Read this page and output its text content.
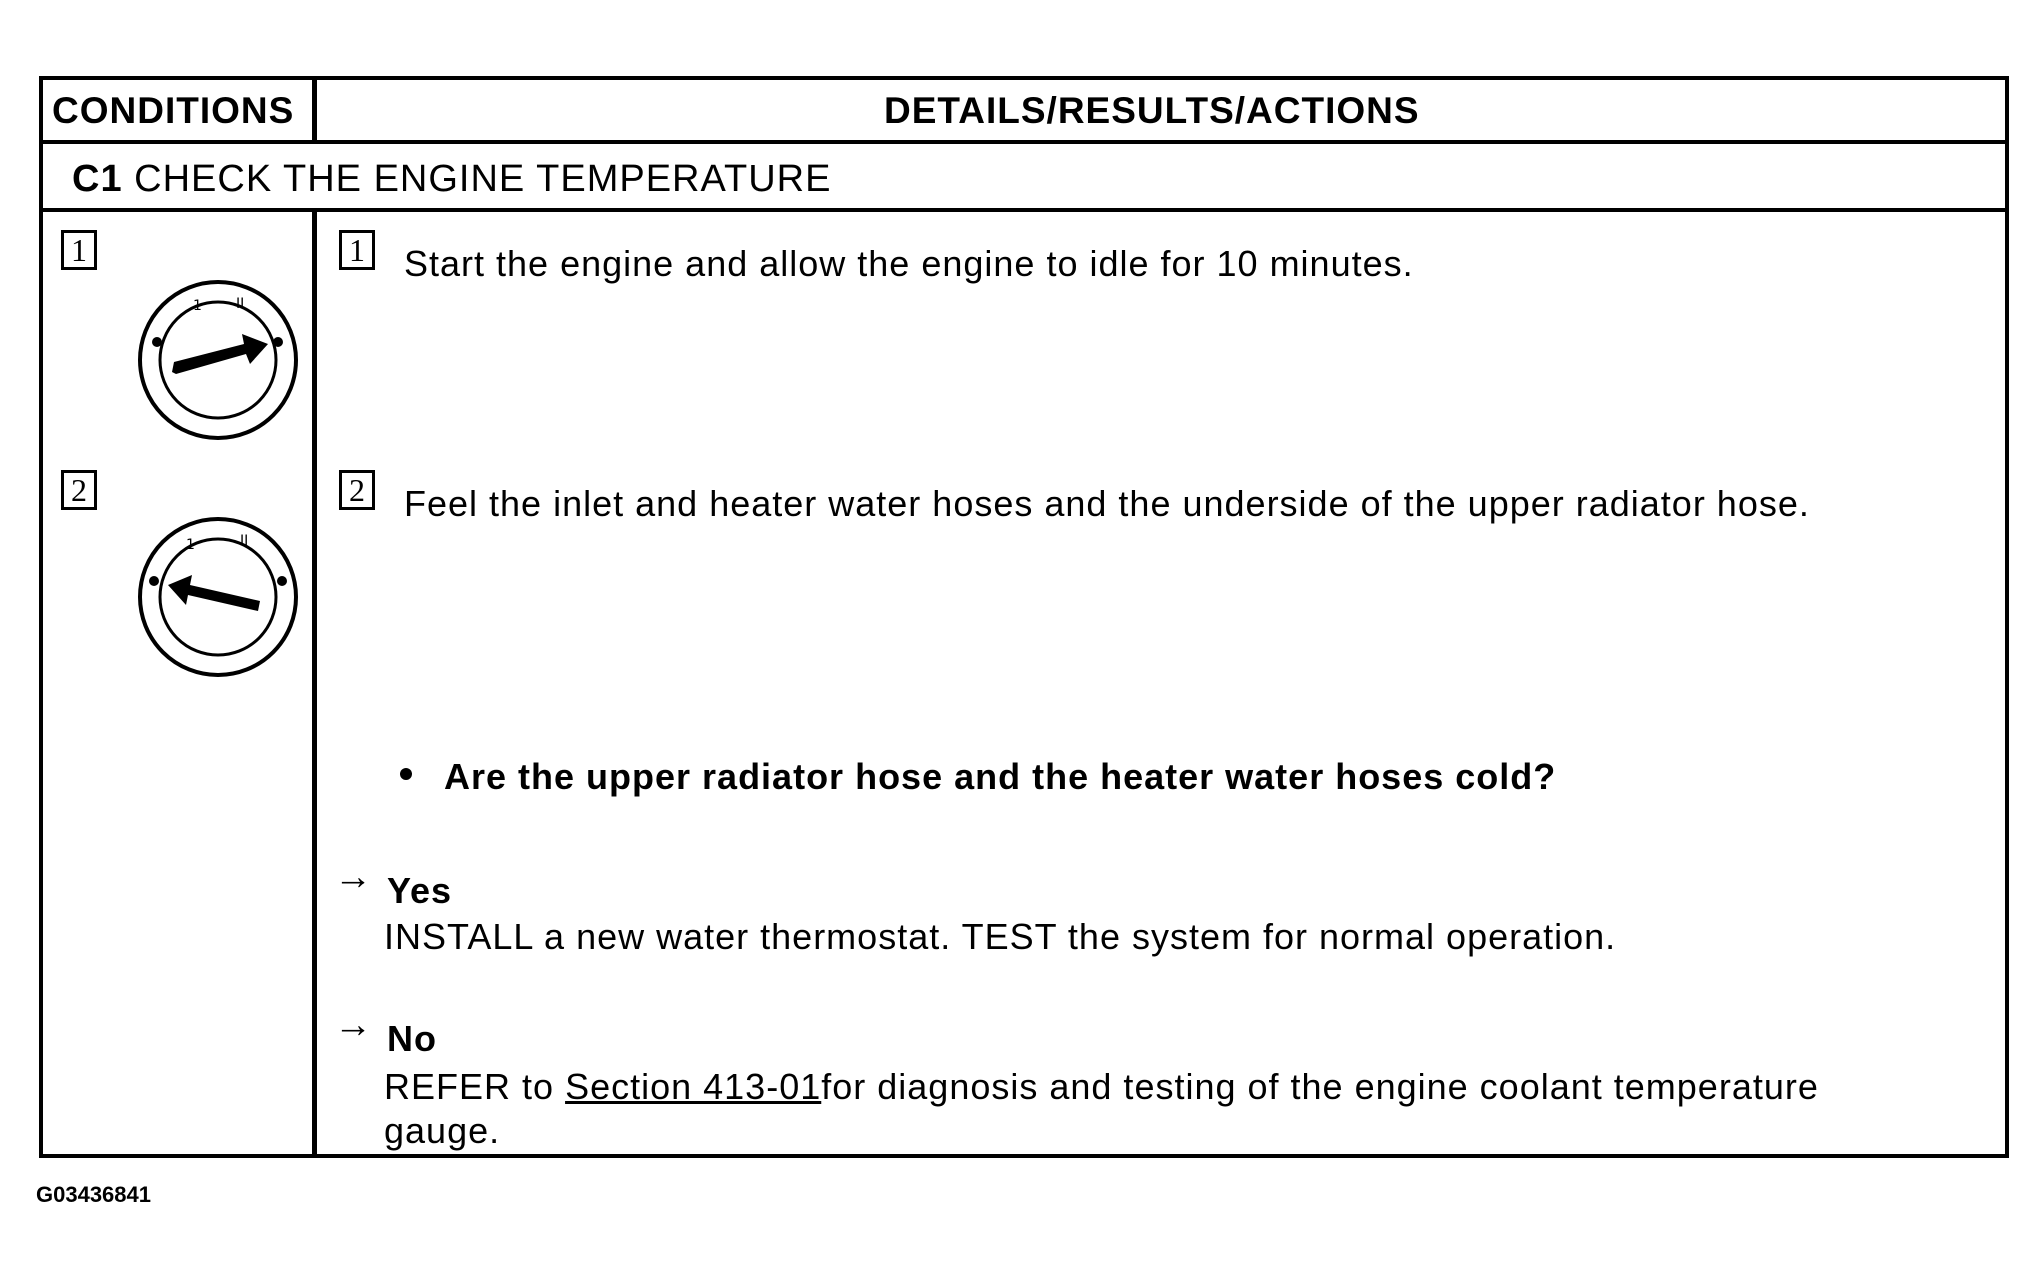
CONDITIONS	DETAILS/RESULTS/ACTIONS
C1 CHECK THE ENGINE TEMPERATURE
1
1 II
2
1	II
1 Start the engine and allow the engine to idle for 10 minutes.
2 Feel the inlet and heater water hoses and the underside of the upper radiator hose.
Are the upper radiator hose and the heater water hoses cold?
→ Yes
INSTALL a new water thermostat. TEST the system for normal operation.
→ No
REFER to Section 413-01for diagnosis and testing of the engine coolant temperature
gauge.
G03436841
